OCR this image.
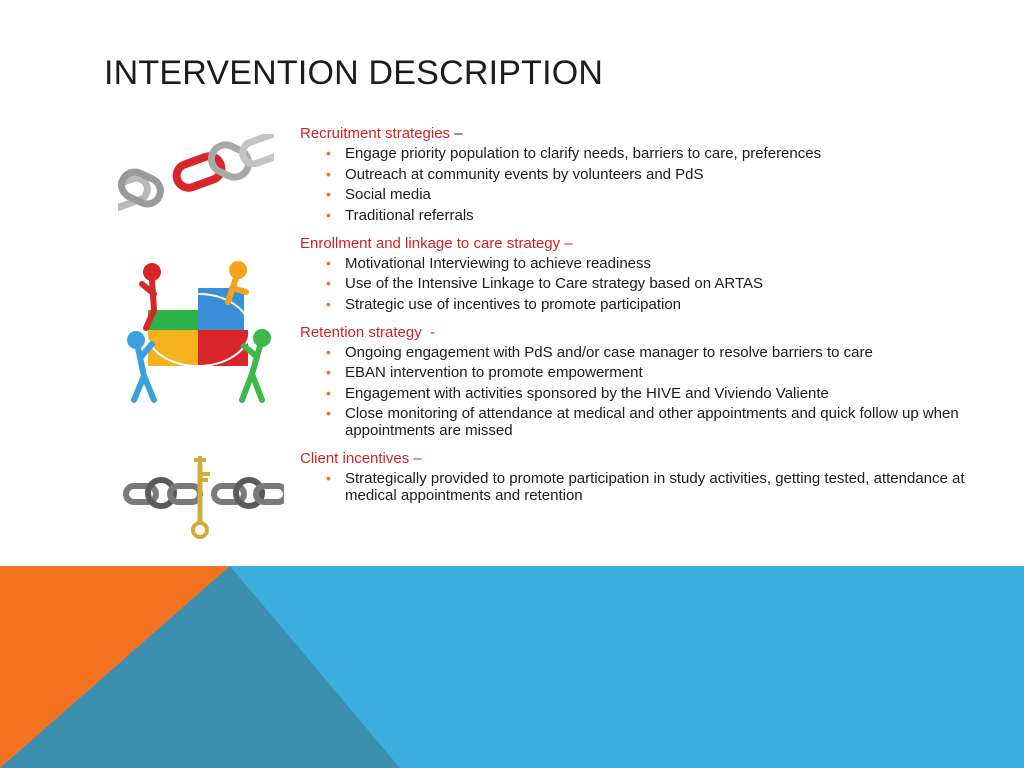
INTERVENTION DESCRIPTION
Recruitment strategies –
• Engage priority population to clarify needs, barriers to care, preferences
• Outreach at community events by volunteers and PdS
• Social media
• Traditional referrals
Enrollment and linkage to care strategy –
• Motivational Interviewing to achieve readiness
• Use of the Intensive Linkage to Care strategy based on ARTAS
• Strategic use of incentives to promote participation
Retention strategy  -
• Ongoing engagement with PdS and/or case manager to resolve barriers to care
• EBAN intervention to promote empowerment
• Engagement with activities sponsored by the HIVE and Viviendo Valiente
• Close monitoring of attendance at medical and other appointments and quick follow up when appointments are missed
Client incentives –
• Strategically provided to promote participation in study activities, getting tested, attendance at medical appointments and retention
